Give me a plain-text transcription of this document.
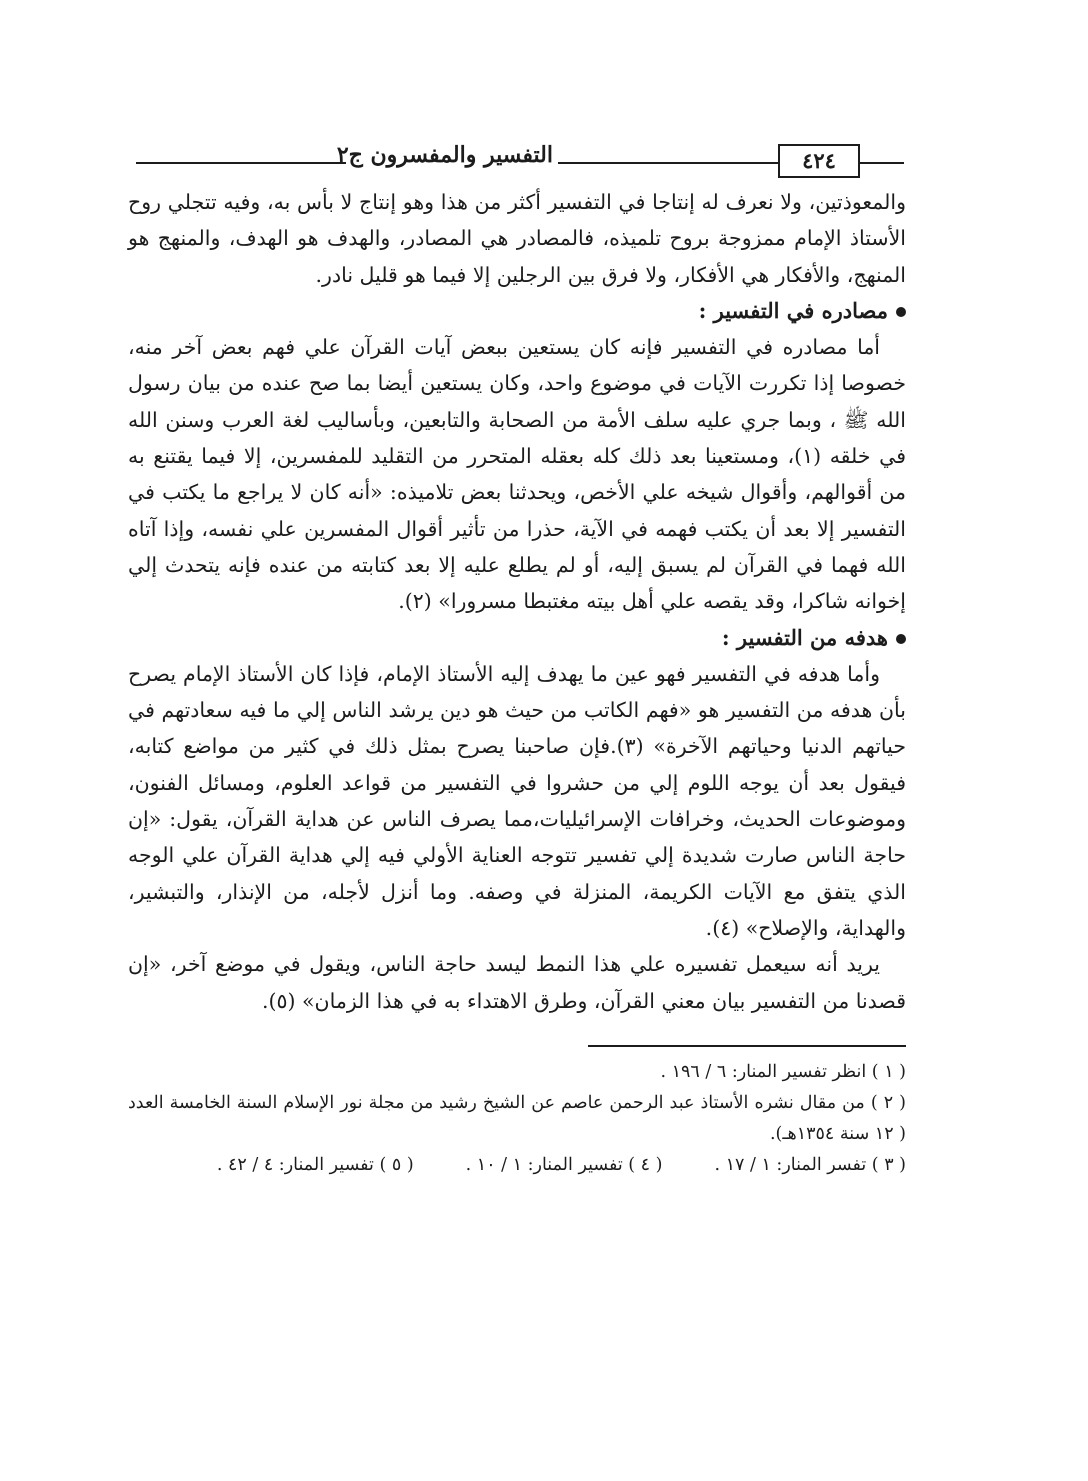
التفسير والمفسرون ج٢	٤٢٤

والمعوذتين، ولا نعرف له إنتاجا في التفسير أكثر من هذا وهو إنتاج لا بأس به، وفيه تتجلي روح الأستاذ الإمام ممزوجة بروح تلميذه، فالمصادر هي المصادر، والهدف هو الهدف، والمنهج هو المنهج، والأفكار هي الأفكار، ولا فرق بين الرجلين إلا فيما هو قليل نادر.

مصادره في التفسير :

أما مصادره في التفسير فإنه كان يستعين ببعض آيات القرآن علي فهم بعض آخر منه، خصوصا إذا تكررت الآيات في موضوع واحد، وكان يستعين أيضا بما صح عنده من بيان رسول الله ﷺ ، وبما جري عليه سلف الأمة من الصحابة والتابعين، وبأساليب لغة العرب وسنن الله في خلقه (١)، ومستعينا بعد ذلك كله بعقله المتحرر من التقليد للمفسرين، إلا فيما يقتنع به من أقوالهم، وأقوال شيخه علي الأخص، ويحدثنا بعض تلاميذه: «أنه كان لا يراجع ما يكتب في التفسير إلا بعد أن يكتب فهمه في الآية، حذرا من تأثير أقوال المفسرين علي نفسه، وإذا آتاه الله فهما في القرآن لم يسبق إليه، أو لم يطلع عليه إلا بعد كتابته من عنده فإنه يتحدث إلي إخوانه شاكرا، وقد يقصه علي أهل بيته مغتبطا مسرورا» (٢).

هدفه من التفسير :

وأما هدفه في التفسير فهو عين ما يهدف إليه الأستاذ الإمام، فإذا كان الأستاذ الإمام يصرح بأن هدفه من التفسير هو «فهم الكاتب من حيث هو دين يرشد الناس إلي ما فيه سعادتهم في حياتهم الدنيا وحياتهم الآخرة» (٣).فإن صاحبنا يصرح بمثل ذلك في كثير من مواضع كتابه، فيقول بعد أن يوجه اللوم إلي من حشروا في التفسير من قواعد العلوم، ومسائل الفنون، وموضوعات الحديث، وخرافات الإسرائيليات،مما يصرف الناس عن هداية القرآن، يقول: «إن حاجة الناس صارت شديدة إلي تفسير تتوجه العناية الأولي فيه إلي هداية القرآن علي الوجه الذي يتفق مع الآيات الكريمة، المنزلة في وصفه. وما أنزل لأجله، من الإنذار، والتبشير، والهداية، والإصلاح» (٤).

يريد أنه سيعمل تفسيره علي هذا النمط ليسد حاجة الناس، ويقول في موضع آخر، «إن قصدنا من التفسير بيان معني القرآن، وطرق الاهتداء به في هذا الزمان» (٥).

( ١ ) انظر تفسير المنار: ٦ / ١٩٦ .

( ٢ ) من مقال نشره الأستاذ عبد الرحمن عاصم عن الشيخ رشيد من مجلة نور الإسلام السنة الخامسة العدد ( ١٢ سنة ١٣٥٤هـ).

( ٣ ) تفسر المنار: ١ / ١٧ .
( ٤ ) تفسير المنار: ١ / ١٠ .
( ٥ ) تفسير المنار: ٤ / ٤٢ .
